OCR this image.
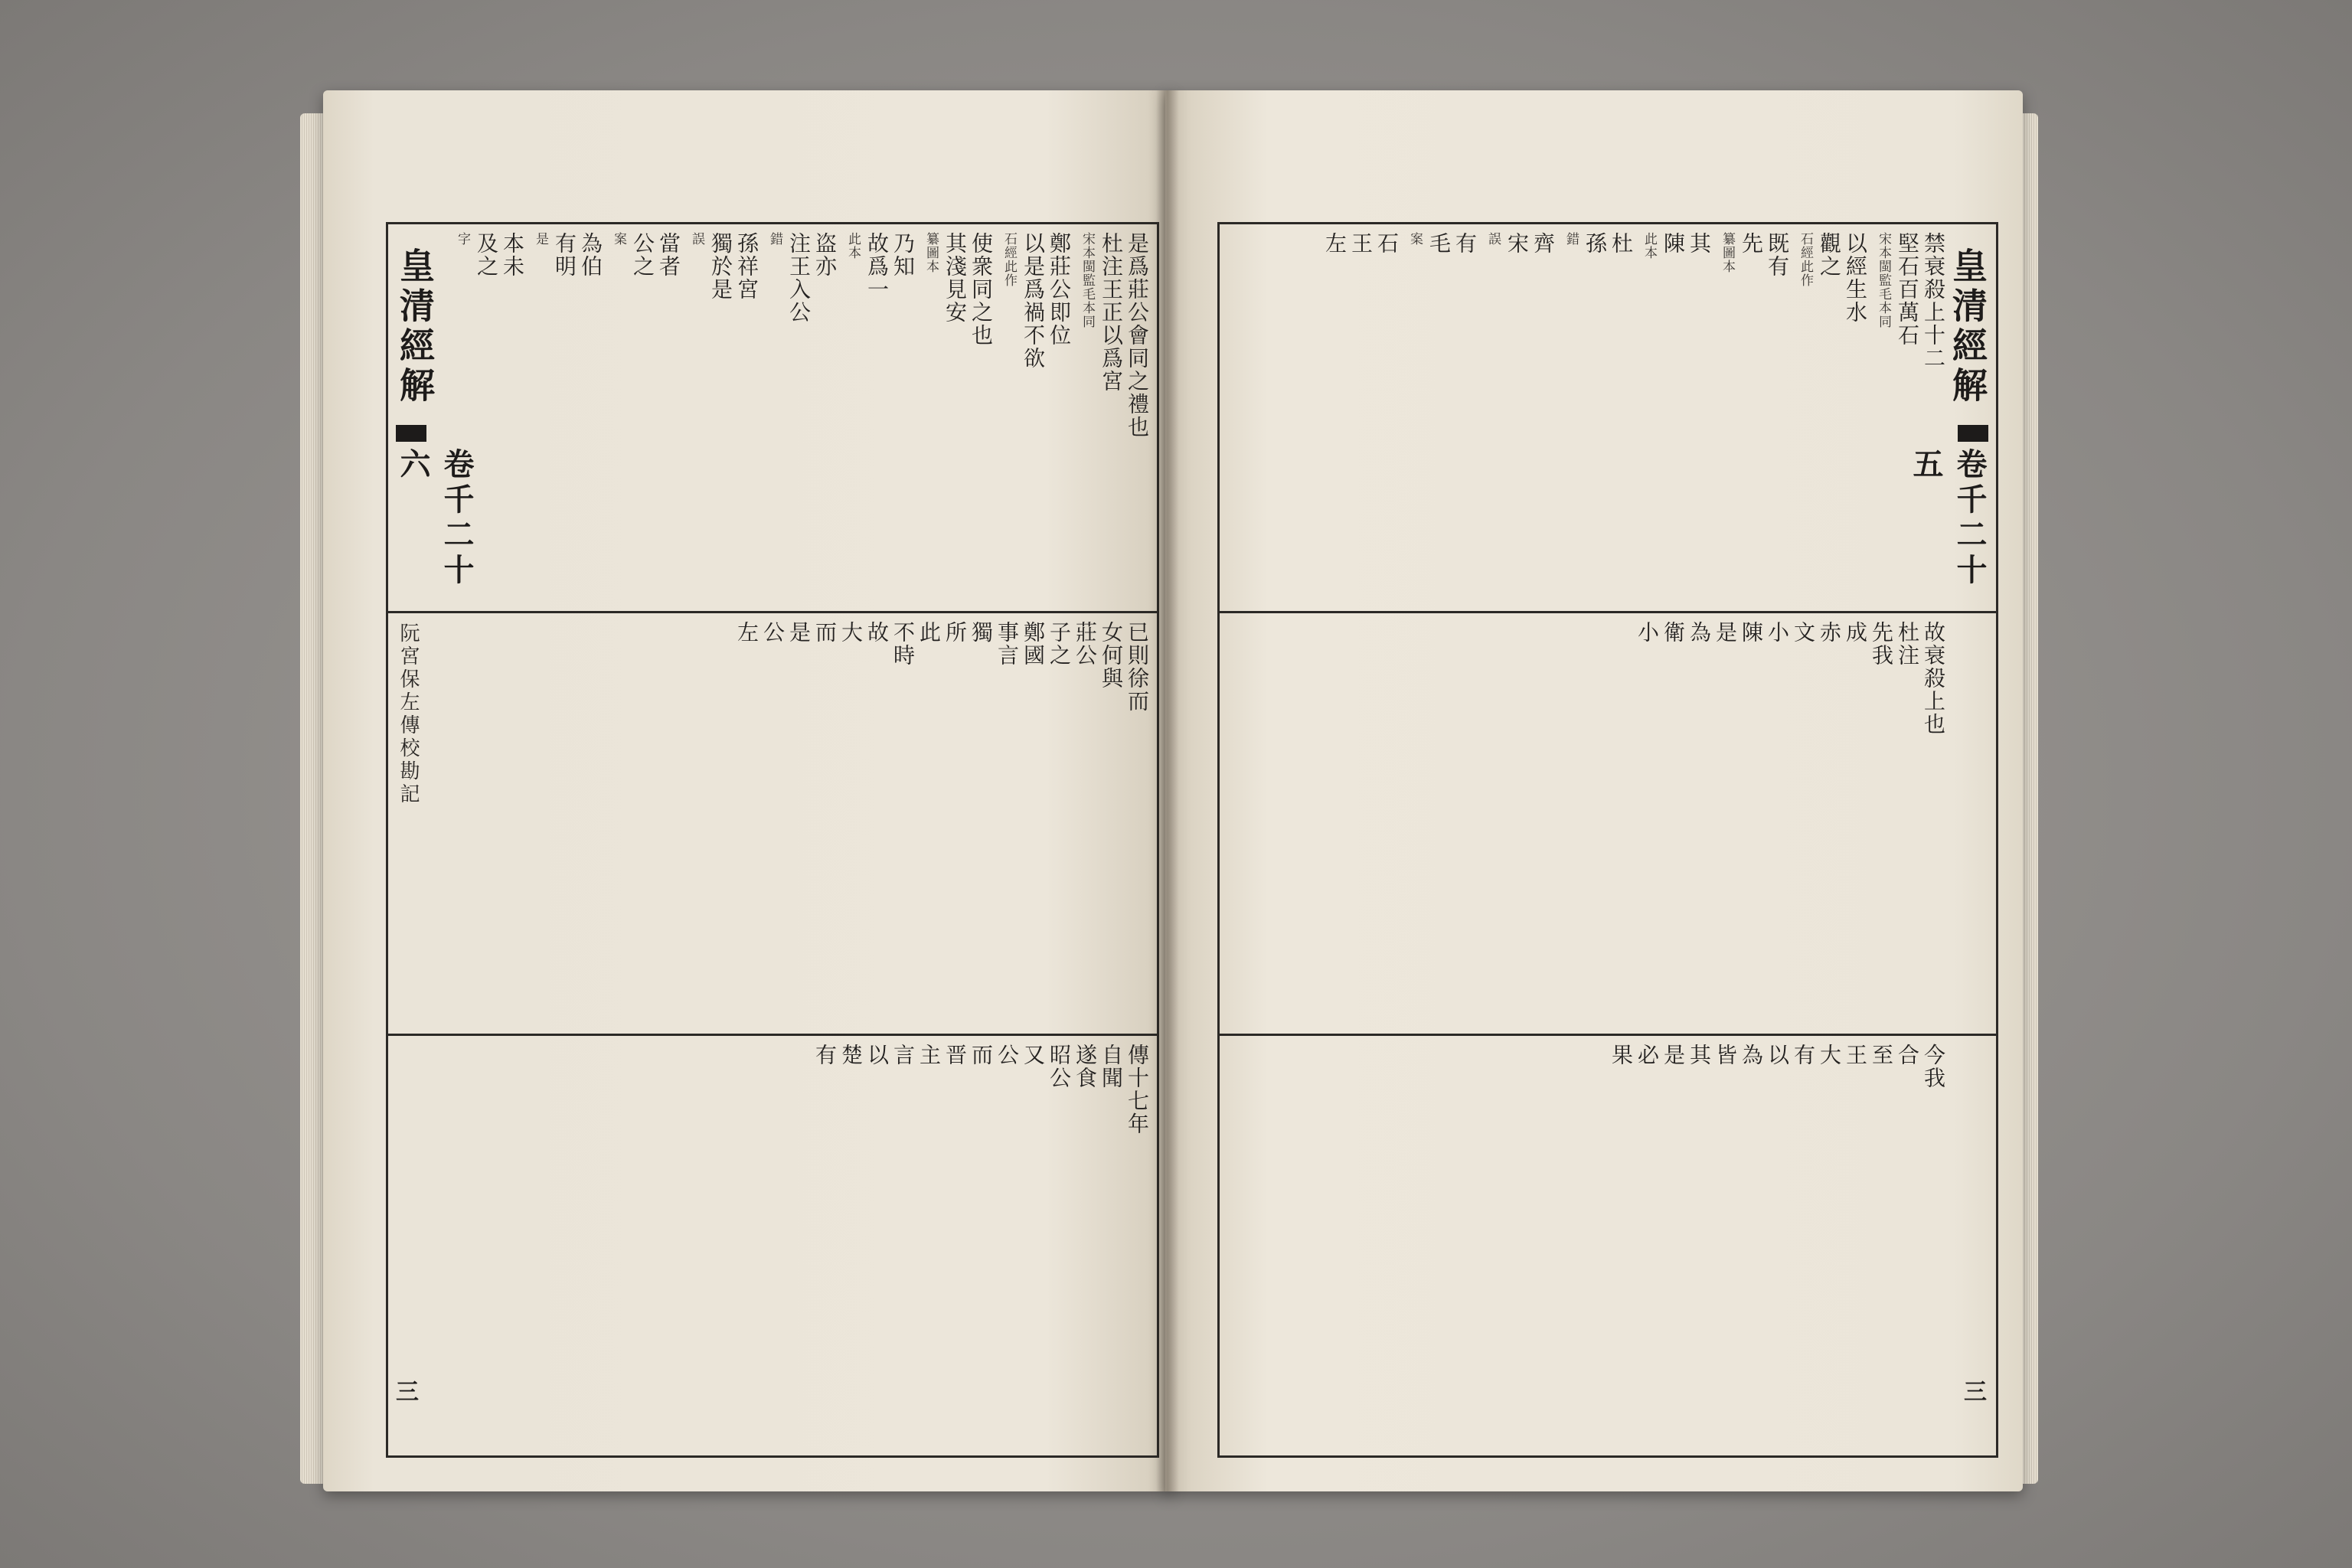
皇清經解
卷千二十六
阮宮保左傳校勘記
三
是爲莊公會同之禮也
杜注王正以爲宮
宋本閩監毛本同
鄭莊公即位
以是爲禍不欲
石經此作
使衆同之也
其淺見安
纂圖本
乃知
故爲一
此本
盗亦
注王入公
錯
孫祥宮
獨於是
誤
當者
公之
案
為伯
有明
是
本未
及之
字
已則徐而
女何與
莊公
子之
鄭國
事言
獨
所
此
不時
故
大
而
是
公
左
傳十七年
自聞
遂食
昭公
又
公
而
晋
主
言
以
楚
有
皇清經解
卷千二十五
三
禁衰殺上十二
堅石百萬石
宋本閩監毛本同
以經生水
觀之
石經此作
既有
先
纂圖本
其
陳
此本
杜
孫
錯
齊
宋
誤
有
毛
案
石
王
左
故衰殺上也
杜注
先我
成
赤
文
小
陳
是
為
衛
小
今我
合
至
王
大
有
以
為
皆
其
是
必
果
